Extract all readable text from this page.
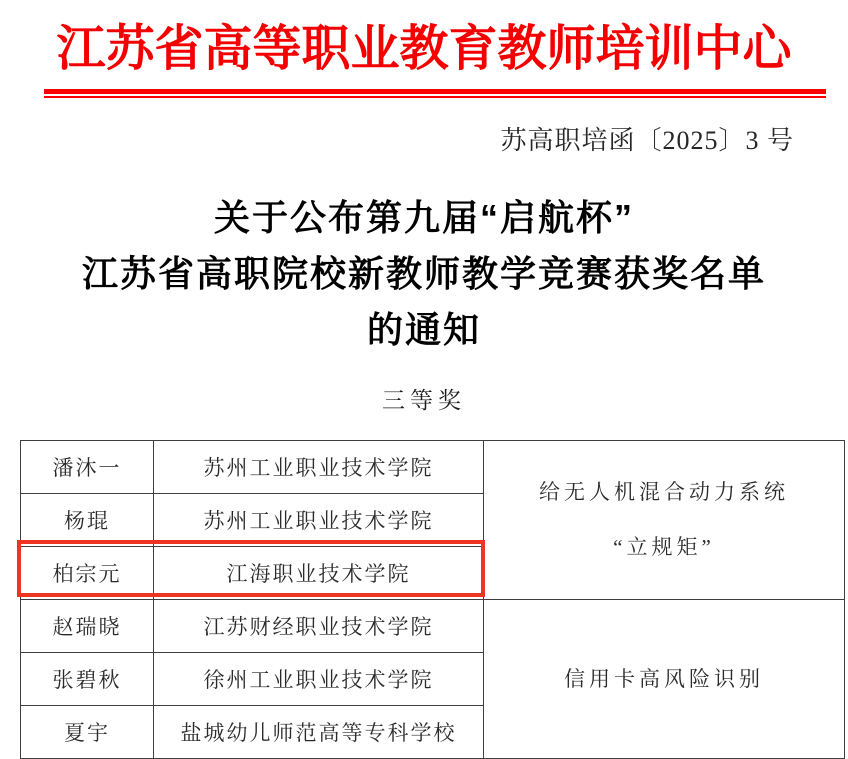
江苏省高等职业教育教师培训中心
苏高职培函〔2025〕3 号
关于公布第九届“启航杯”
江苏省高职院校新教师教学竞赛获奖名单
的通知
三等奖
潘沐一	苏州工业职业技术学院	给无人机混合动力系统
“立规矩”

杨琨	苏州工业职业技术学院	
柏宗元	江海职业技术学院	
赵瑞晓	江苏财经职业技术学院	信用卡高风险识别

张碧秋	徐州工业职业技术学院	
夏宇	盐城幼儿师范高等专科学校	
